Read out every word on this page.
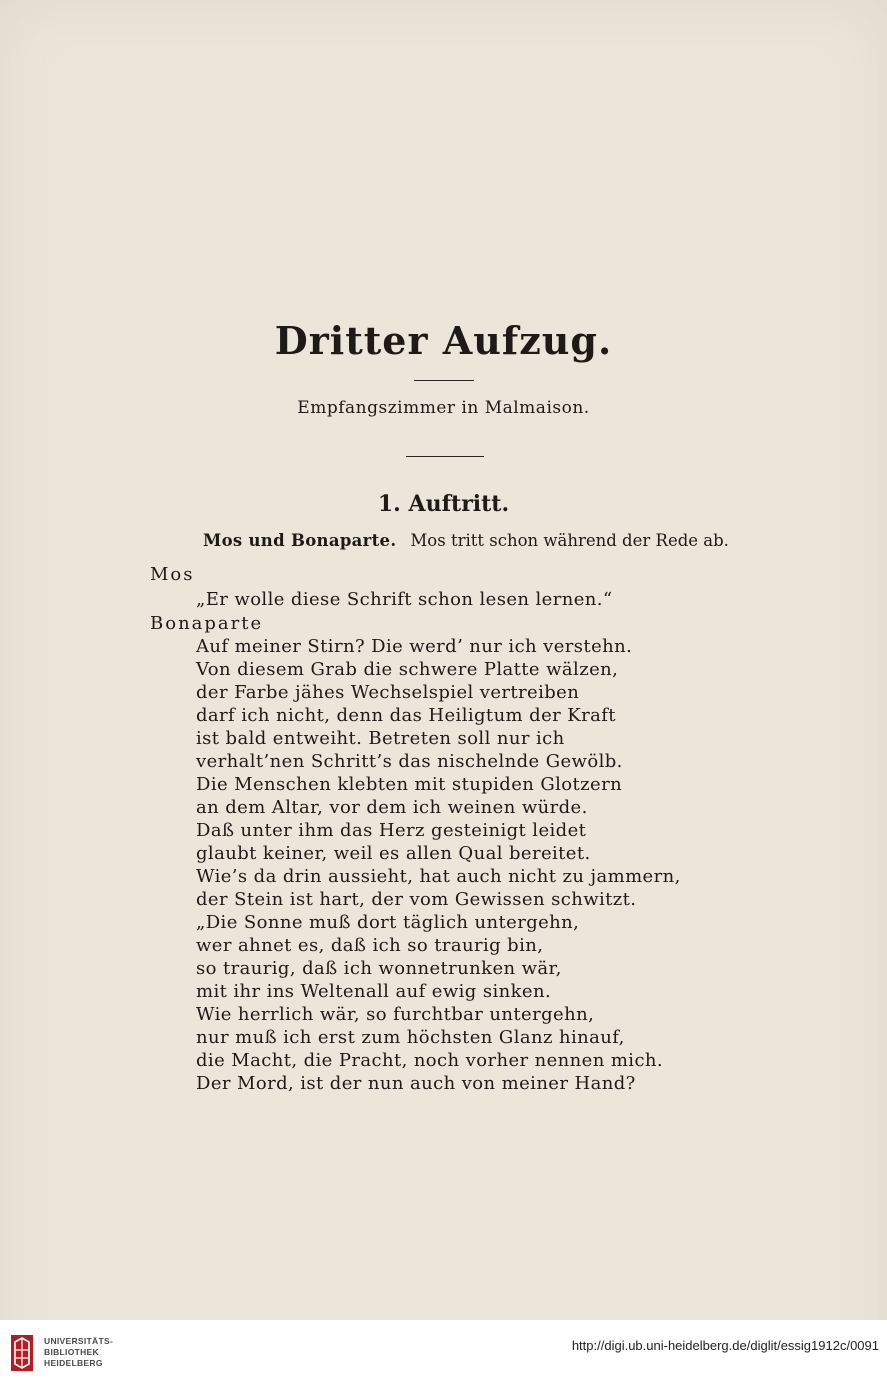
Dritter Aufzug.
Empfangszimmer in Malmaison.
1. Auftritt.
Mos und Bonaparte. Mos tritt schon während der Rede ab.
Mos
„Er wolle diese Schrift schon lesen lernen.“
Bonaparte
Auf meiner Stirn? Die werd’ nur ich verstehn.
Von diesem Grab die schwere Platte wälzen,
der Farbe jähes Wechselspiel vertreiben
darf ich nicht, denn das Heiligtum der Kraft
ist bald entweiht. Betreten soll nur ich
verhalt’nen Schritt’s das nischelnde Gewölb.
Die Menschen klebten mit stupiden Glotzern
an dem Altar, vor dem ich weinen würde.
Daß unter ihm das Herz gesteinigt leidet
glaubt keiner, weil es allen Qual bereitet.
Wie’s da drin aussieht, hat auch nicht zu jammern,
der Stein ist hart, der vom Gewissen schwitzt.
„Die Sonne muß dort täglich untergehn,
wer ahnet es, daß ich so traurig bin,
so traurig, daß ich wonnetrunken wär,
mit ihr ins Weltenall auf ewig sinken.
Wie herrlich wär, so furchtbar untergehn,
nur muß ich erst zum höchsten Glanz hinauf,
die Macht, die Pracht, noch vorher nennen mich.
Der Mord, ist der nun auch von meiner Hand?
UNIVERSITÄTS-
BIBLIOTHEK
HEIDELBERG
http://digi.ub.uni-heidelberg.de/diglit/essig1912c/0091
